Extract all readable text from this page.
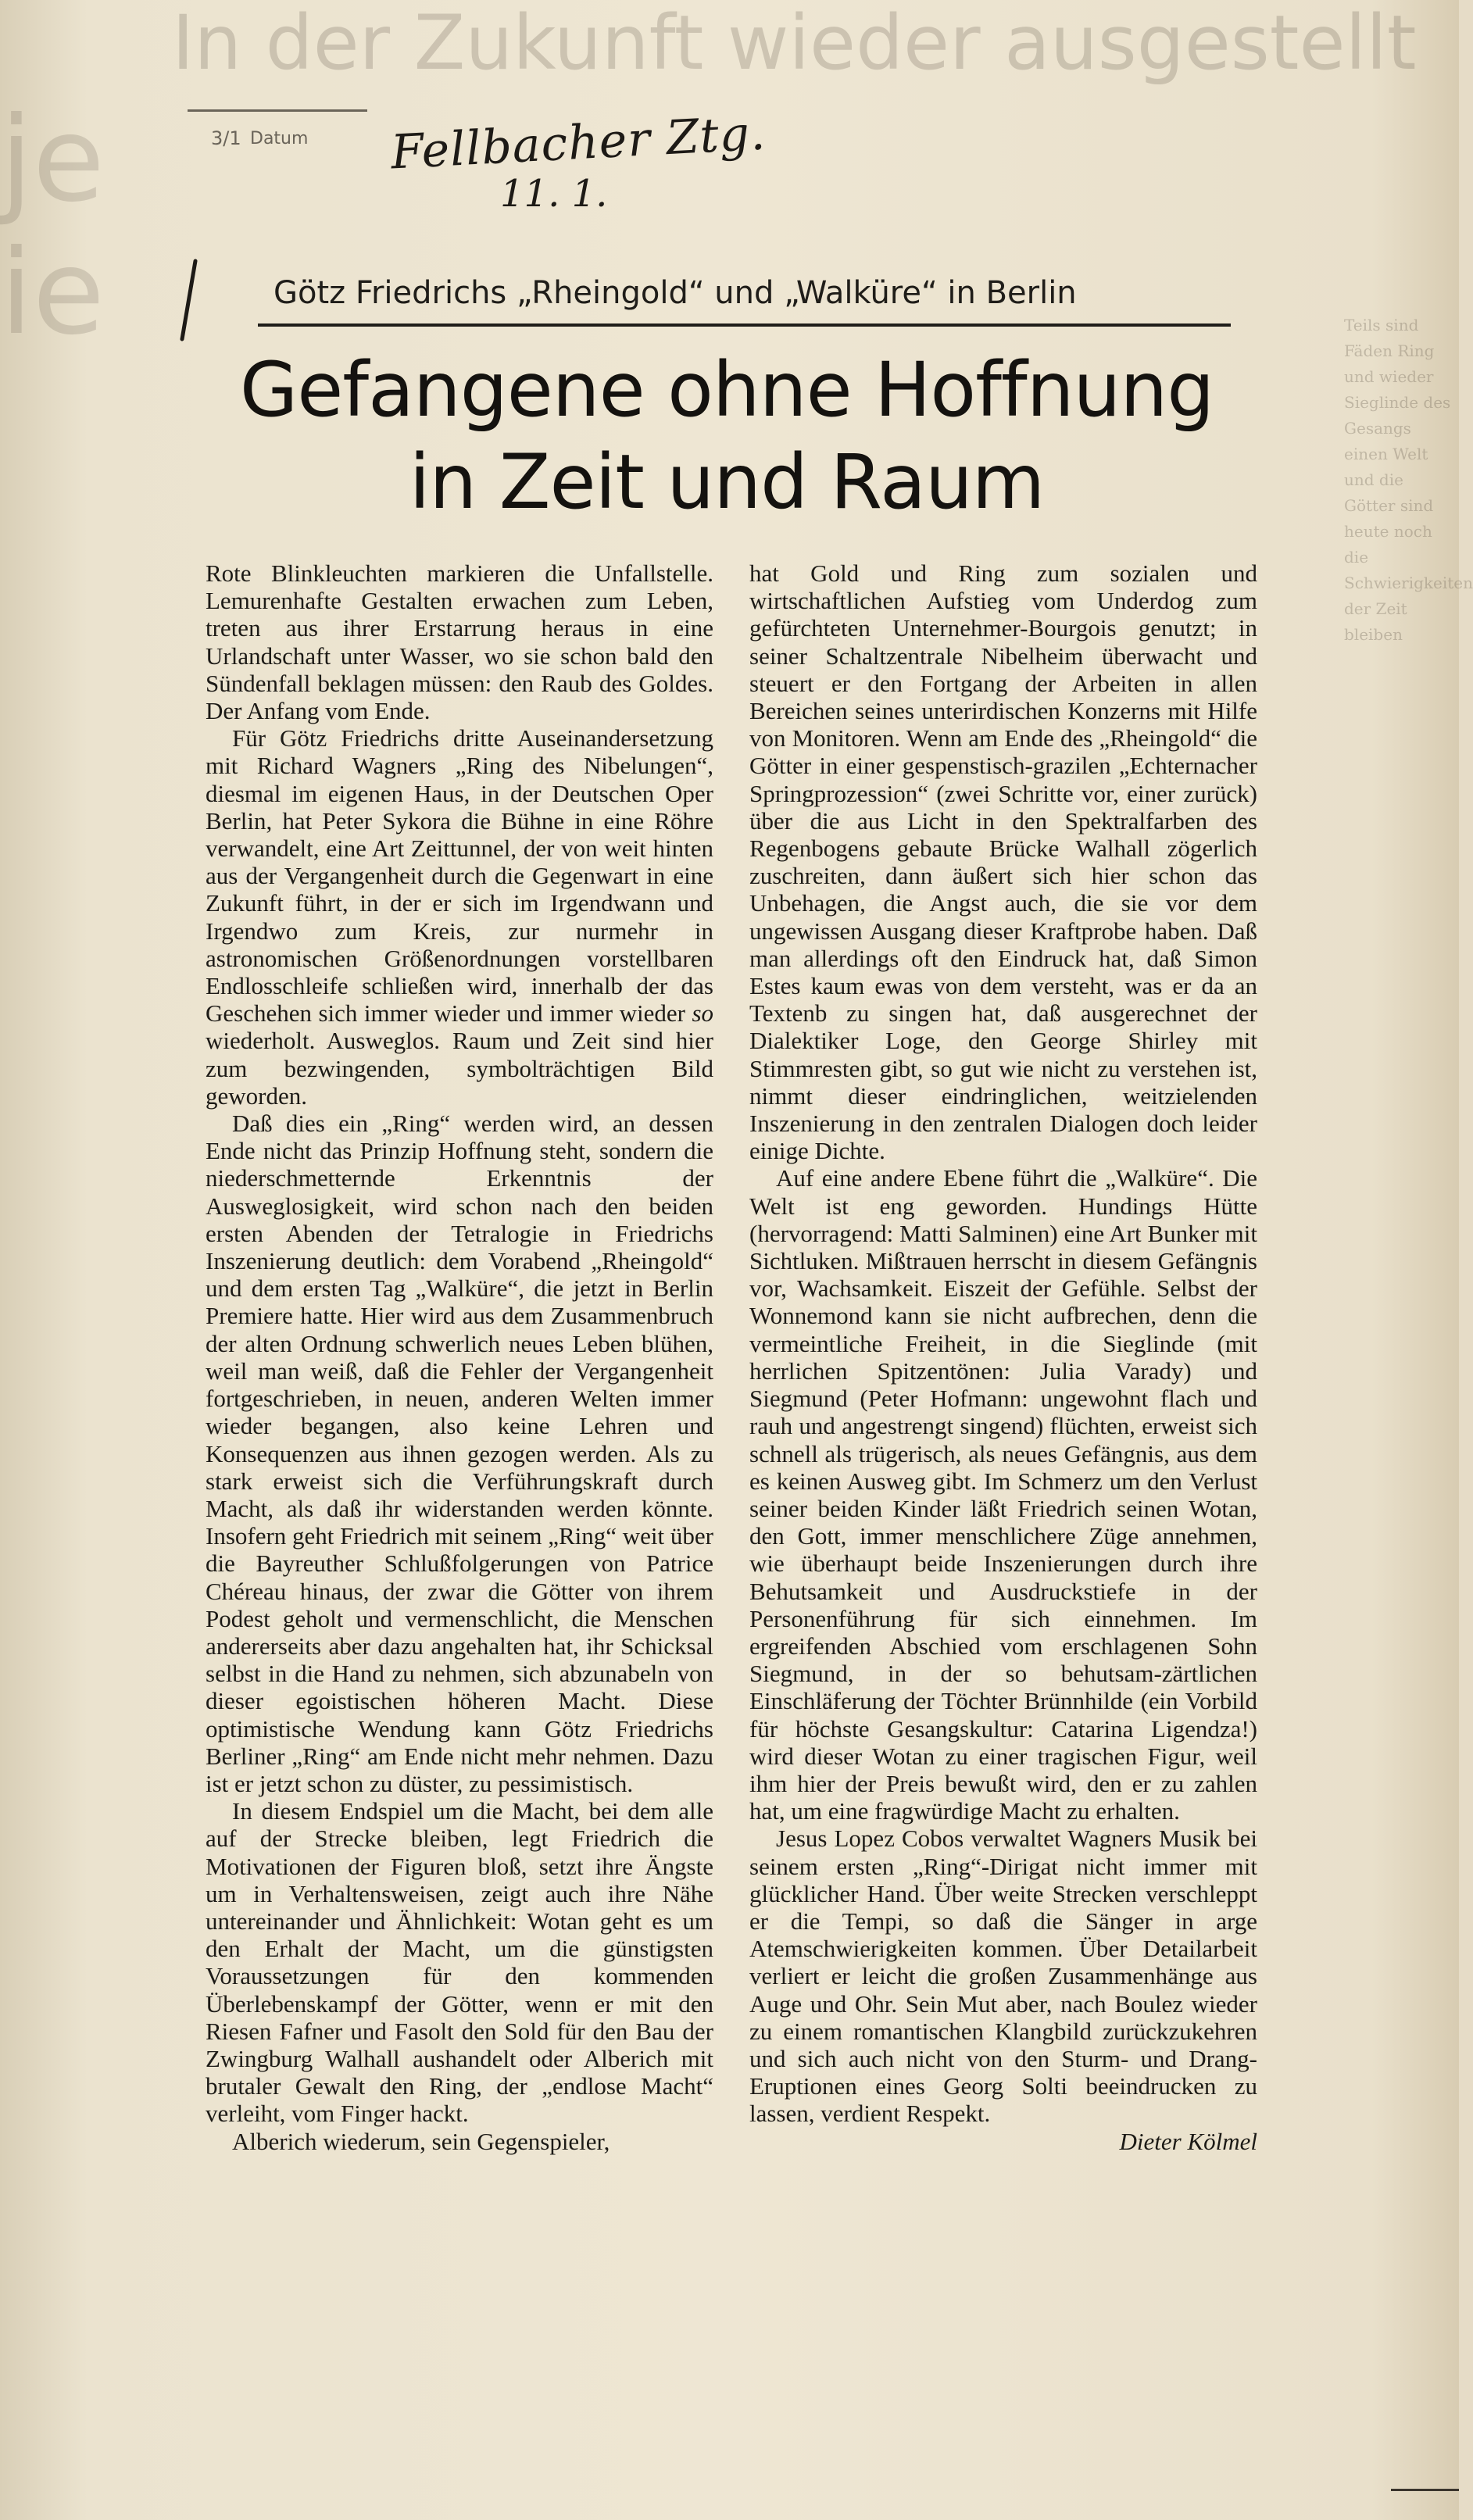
In der Zukunft wieder ausgestellt
je
ie	Teils sind Fäden Ring und wieder Sieglinde des Gesangs einen Welt und die Götter sind heute noch die Schwierigkeiten der Zeit bleiben
3/1 Datum Fellbacher Ztg.
11. 1.
Götz Friedrichs „Rheingold“ und „Walküre“ in Berlin
Gefangene ohne Hoffnung
in Zeit und Raum

Rote Blinkleuchten markieren die Unfallstelle. Lemurenhafte Gestalten erwachen zum Leben, treten aus ihrer Erstarrung heraus in eine Urlandschaft unter Wasser, wo sie schon bald den Sündenfall beklagen müssen: den Raub des Goldes. Der Anfang vom Ende.

Für Götz Friedrichs dritte Auseinandersetzung mit Richard Wagners „Ring des Nibelungen“, diesmal im eigenen Haus, in der Deutschen Oper Berlin, hat Peter Sykora die Bühne in eine Röhre verwandelt, eine Art Zeittunnel, der von weit hinten aus der Vergangenheit durch die Gegenwart in eine Zukunft führt, in der er sich im Irgendwann und Irgendwo zum Kreis, zur nurmehr in astronomischen Größenordnungen vorstellbaren Endlosschleife schließen wird, innerhalb der das Geschehen sich immer wieder und immer wieder so wiederholt. Ausweglos. Raum und Zeit sind hier zum bezwingenden, symbolträchtigen Bild geworden.

Daß dies ein „Ring“ werden wird, an dessen Ende nicht das Prinzip Hoffnung steht, sondern die niederschmetternde Erkenntnis der Ausweglosigkeit, wird schon nach den beiden ersten Abenden der Tetralogie in Friedrichs Inszenierung deutlich: dem Vorabend „Rheingold“ und dem ersten Tag „Walküre“, die jetzt in Berlin Premiere hatte. Hier wird aus dem Zusammenbruch der alten Ordnung schwerlich neues Leben blühen, weil man weiß, daß die Fehler der Vergangenheit fortgeschrieben, in neuen, anderen Welten immer wieder begangen, also keine Lehren und Konsequenzen aus ihnen gezogen werden. Als zu stark erweist sich die Verführungskraft durch Macht, als daß ihr widerstanden werden könnte. Insofern geht Friedrich mit seinem „Ring“ weit über die Bayreuther Schlußfolgerungen von Patrice Chéreau hinaus, der zwar die Götter von ihrem Podest geholt und vermenschlicht, die Menschen andererseits aber dazu angehalten hat, ihr Schicksal selbst in die Hand zu nehmen, sich abzunabeln von dieser egoistischen höheren Macht. Diese optimistische Wendung kann Götz Friedrichs Berliner „Ring“ am Ende nicht mehr nehmen. Dazu ist er jetzt schon zu düster, zu pessimistisch.

In diesem Endspiel um die Macht, bei dem alle auf der Strecke bleiben, legt Friedrich die Motivationen der Figuren bloß, setzt ihre Ängste um in Verhaltensweisen, zeigt auch ihre Nähe untereinander und Ähnlichkeit: Wotan geht es um den Erhalt der Macht, um die günstigsten Voraussetzungen für den kommenden Überlebenskampf der Götter, wenn er mit den Riesen Fafner und Fasolt den Sold für den Bau der Zwingburg Walhall aushandelt oder Alberich mit brutaler Gewalt den Ring, der „endlose Macht“ verleiht, vom Finger hackt.

Alberich wiederum, sein Gegenspieler,

hat Gold und Ring zum sozialen und wirtschaftlichen Aufstieg vom Underdog zum gefürchteten Unternehmer-Bourgois genutzt; in seiner Schaltzentrale Nibelheim überwacht und steuert er den Fortgang der Arbeiten in allen Bereichen seines unterirdischen Konzerns mit Hilfe von Monitoren. Wenn am Ende des „Rheingold“ die Götter in einer gespenstisch-grazilen „Echternacher Springprozession“ (zwei Schritte vor, einer zurück) über die aus Licht in den Spektralfarben des Regenbogens gebaute Brücke Walhall zögerlich zuschreiten, dann äußert sich hier schon das Unbehagen, die Angst auch, die sie vor dem ungewissen Ausgang dieser Kraftprobe haben. Daß man allerdings oft den Eindruck hat, daß Simon Estes kaum ewas von dem versteht, was er da an Textenb zu singen hat, daß ausgerechnet der Dialektiker Loge, den George Shirley mit Stimmresten gibt, so gut wie nicht zu verstehen ist, nimmt dieser eindringlichen, weitzielenden Inszenierung in den zentralen Dialogen doch leider einige Dichte.

Auf eine andere Ebene führt die „Walküre“. Die Welt ist eng geworden. Hundings Hütte (hervorragend: Matti Salminen) eine Art Bunker mit Sichtluken. Mißtrauen herrscht in diesem Gefängnis vor, Wachsamkeit. Eiszeit der Gefühle. Selbst der Wonnemond kann sie nicht aufbrechen, denn die vermeintliche Freiheit, in die Sieglinde (mit herrlichen Spitzentönen: Julia Varady) und Siegmund (Peter Hofmann: ungewohnt flach und rauh und angestrengt singend) flüchten, erweist sich schnell als trügerisch, als neues Gefängnis, aus dem es keinen Ausweg gibt. Im Schmerz um den Verlust seiner beiden Kinder läßt Friedrich seinen Wotan, den Gott, immer menschlichere Züge annehmen, wie überhaupt beide Inszenierungen durch ihre Behutsamkeit und Ausdruckstiefe in der Personenführung für sich einnehmen. Im ergreifenden Abschied vom erschlagenen Sohn Siegmund, in der so behutsam-zärtlichen Einschläferung der Töchter Brünnhilde (ein Vorbild für höchste Gesangskultur: Catarina Ligendza!) wird dieser Wotan zu einer tragischen Figur, weil ihm hier der Preis bewußt wird, den er zu zahlen hat, um eine fragwürdige Macht zu erhalten.

Jesus Lopez Cobos verwaltet Wagners Musik bei seinem ersten „Ring“-Dirigat nicht immer mit glücklicher Hand. Über weite Strecken verschleppt er die Tempi, so daß die Sänger in arge Atemschwierigkeiten kommen. Über Detailarbeit verliert er leicht die großen Zusammenhänge aus Auge und Ohr. Sein Mut aber, nach Boulez wieder zu einem romantischen Klangbild zurückzukehren und sich auch nicht von den Sturm- und Drang-Eruptionen eines Georg Solti beeindrucken zu lassen, verdient Respekt.

Dieter Kölmel
